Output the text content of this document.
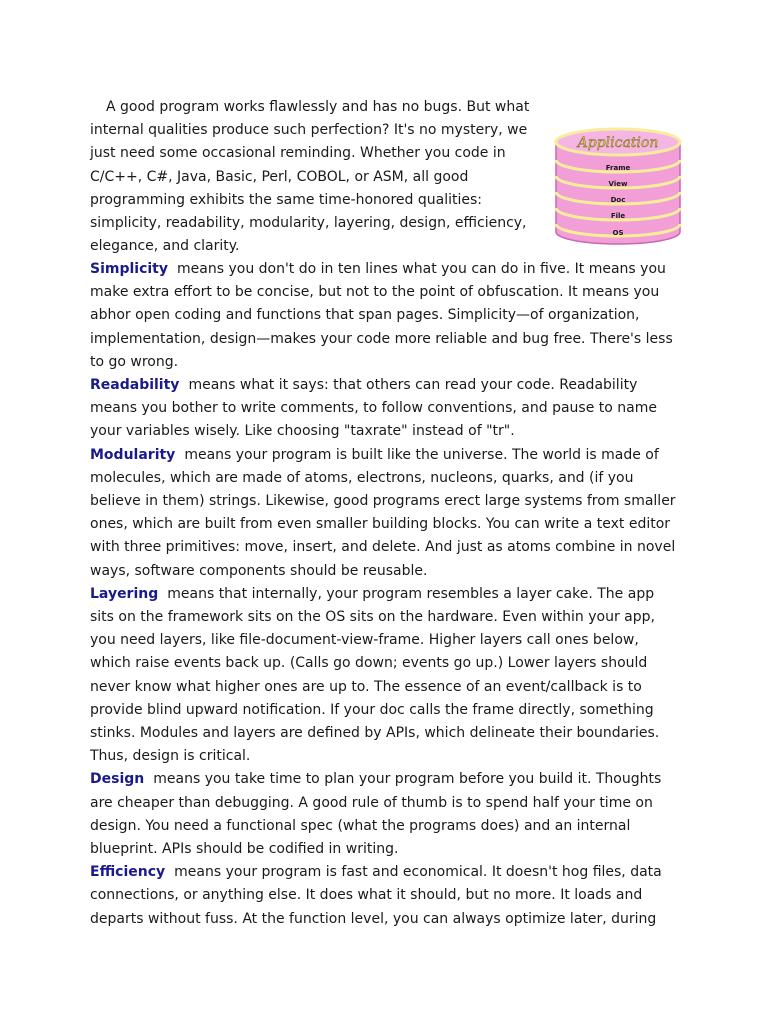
A good program works flawlessly and has no bugs. But what internal qualities produce such perfection? It's no mystery, we just need some occasional reminding. Whether you code in C/C++, C#, Java, Basic, Perl, COBOL, or ASM, all good programming exhibits the same time-honored qualities: simplicity, readability, modularity, layering, design, efficiency, elegance, and clarity.

Application
Frame
View
Doc
File
OS

Simplicity means you don't do in ten lines what you can do in five. It means you make extra effort to be concise, but not to the point of obfuscation. It means you abhor open coding and functions that span pages. Simplicity—of organization, implementation, design—makes your code more reliable and bug free. There's less to go wrong.

Readability means what it says: that others can read your code. Readability means you bother to write comments, to follow conventions, and pause to name your variables wisely. Like choosing "taxrate" instead of "tr".

Modularity means your program is built like the universe. The world is made of molecules, which are made of atoms, electrons, nucleons, quarks, and (if you believe in them) strings. Likewise, good programs erect large systems from smaller ones, which are built from even smaller building blocks. You can write a text editor with three primitives: move, insert, and delete. And just as atoms combine in novel ways, software components should be reusable.

Layering means that internally, your program resembles a layer cake. The app sits on the framework sits on the OS sits on the hardware. Even within your app, you need layers, like file-document-view-frame. Higher layers call ones below, which raise events back up. (Calls go down; events go up.) Lower layers should never know what higher ones are up to. The essence of an event/callback is to provide blind upward notification. If your doc calls the frame directly, something stinks. Modules and layers are defined by APIs, which delineate their boundaries. Thus, design is critical.

Design means you take time to plan your program before you build it. Thoughts are cheaper than debugging. A good rule of thumb is to spend half your time on design. You need a functional spec (what the programs does) and an internal blueprint. APIs should be codified in writing.

Efficiency means your program is fast and economical. It doesn't hog files, data connections, or anything else. It does what it should, but no more. It loads and departs without fuss. At the function level, you can always optimize later, during
